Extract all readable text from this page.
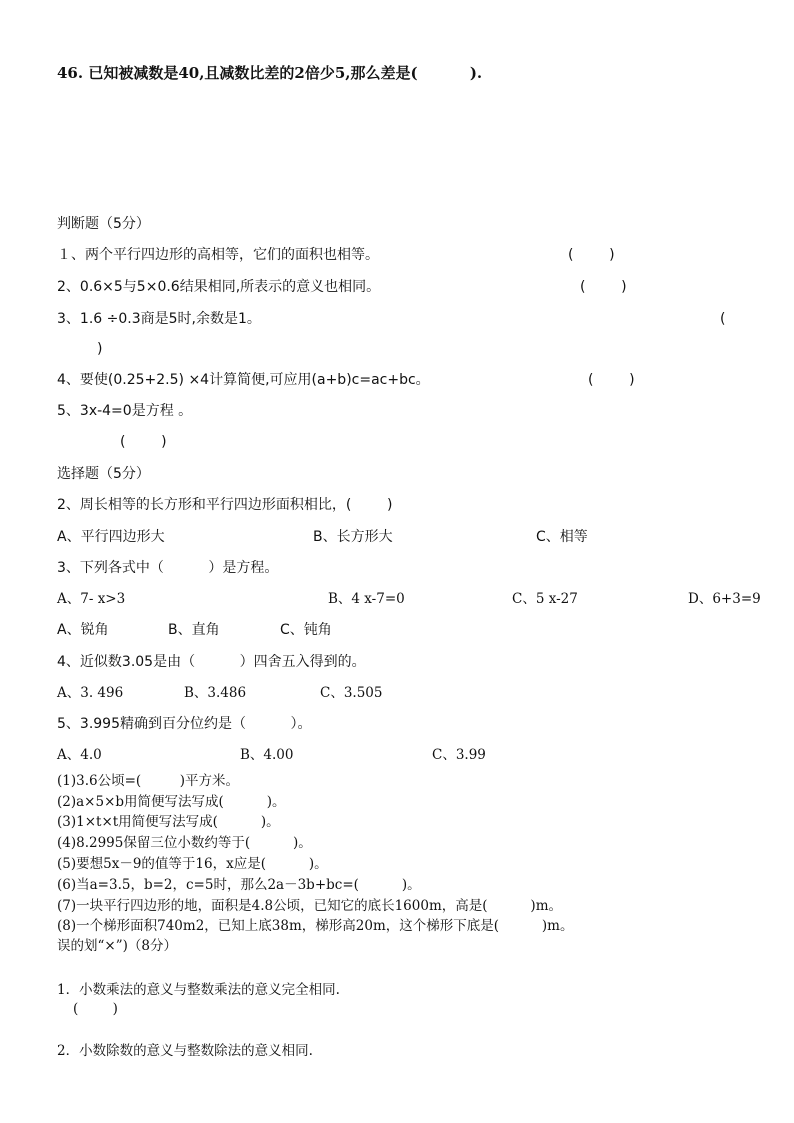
46. 已知被减数是40,且减数比差的2倍少5,那么差是(          ).
判断题（5分）
１、两个平行四边形的高相等，它们的面积也相等。	(        )
2、0.6×5与5×0.6结果相同,所表示的意义也相同。	(        )
3、1.6 ÷0.3商是5时,余数是1。	(
)
4、要使(0.25+2.5) ×4计算简便,可应用(a+b)c=ac+bc。	(        )
5、3x-4=0是方程 。
(        )
选择题（5分）
2、周长相等的长方形和平行四边形面积相比，(        )
A、平行四边形大	B、长方形大	C、相等
3、下列各式中（          ）是方程。
A、7- x>3	B、4 x-7=0	C、5 x-27	D、6+3=9
A、锐角	B、直角	C、钝角
4、近似数3.05是由（          ）四舍五入得到的。
A、3. 496	B、3.486	C、3.505
5、3.995精确到百分位约是（          ）。
A、4.0	B、4.00	C、3.99
(1)3.6公顷=(         )平方米。
(2)a×5×b用简便写法写成(          )。
(3)1×t×t用简便写法写成(          )。
(4)8.2995保留三位小数约等于(          )。
(5)要想5x－9的值等于16，x应是(          )。
(6)当a=3.5，b=2，c=5时，那么2a－3b+bc=(          )。
(7)一块平行四边形的地，面积是4.8公顷，已知它的底长1600m，高是(          )m。
(8)一个梯形面积740m2，已知上底38m，梯形高20m，这个梯形下底是(          )m。
误的划“×”)（8分）
1．小数乘法的意义与整数乘法的意义完全相同.
(        )
2．小数除数的意义与整数除法的意义相同.
